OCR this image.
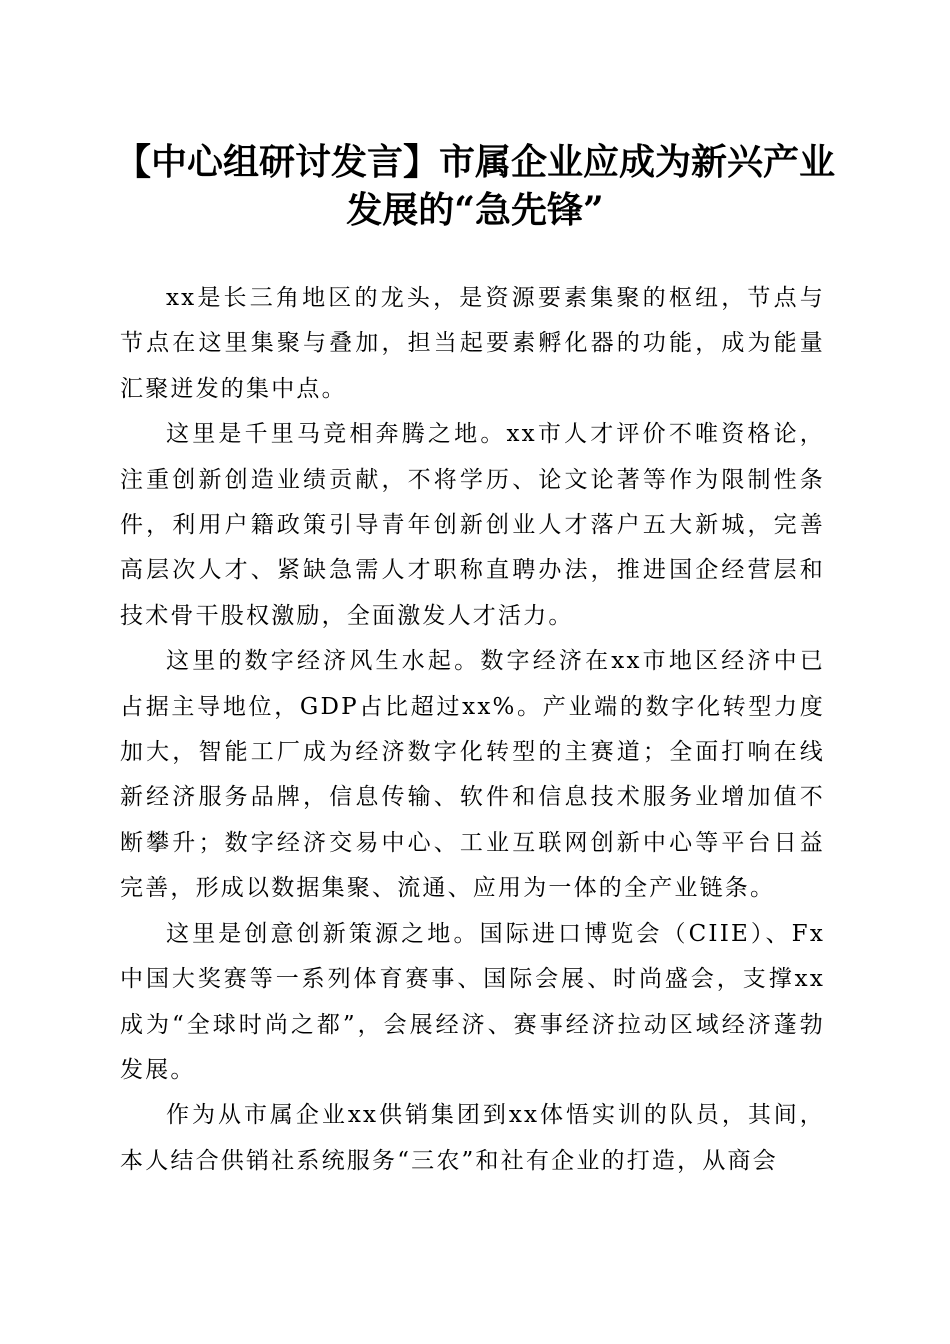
【中心组研讨发言】市属企业应成为新兴产业
发展的“急先锋”

xx是长三角地区的龙头，是资源要素集聚的枢纽，节点与节点在这里集聚与叠加，担当起要素孵化器的功能，成为能量汇聚迸发的集中点。

这里是千里马竞相奔腾之地。xx市人才评价不唯资格论，注重创新创造业绩贡献，不将学历、论文论著等作为限制性条件，利用户籍政策引导青年创新创业人才落户五大新城，完善高层次人才、紧缺急需人才职称直聘办法，推进国企经营层和技术骨干股权激励，全面激发人才活力。

这里的数字经济风生水起。数字经济在xx市地区经济中已占据主导地位，GDP占比超过xx%。产业端的数字化转型力度加大，智能工厂成为经济数字化转型的主赛道；全面打响在线新经济服务品牌，信息传输、软件和信息技术服务业增加值不断攀升；数字经济交易中心、工业互联网创新中心等平台日益完善，形成以数据集聚、流通、应用为一体的全产业链条。

这里是创意创新策源之地。国际进口博览会（CIIE）、Fx中国大奖赛等一系列体育赛事、国际会展、时尚盛会，支撑xx成为“全球时尚之都”，会展经济、赛事经济拉动区域经济蓬勃发展。

作为从市属企业xx供销集团到xx体悟实训的队员，其间，本人结合供销社系统服务“三农”和社有企业的打造，从商会
